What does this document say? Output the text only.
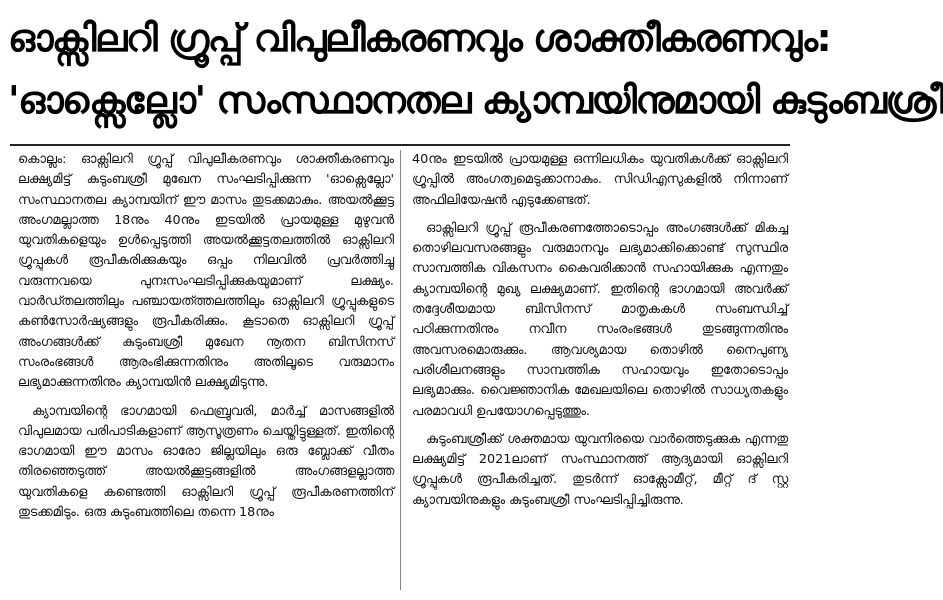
ഓക്സിലറി ഗ്രൂപ്പ് വിപുലീകരണവും ശാക്തീകരണവും:
'ഓക്സെല്ലോ' സംസ്ഥാനതല ക്യാമ്പയിനുമായി കുടുംബശ്രീ

കൊല്ലം: ഓക്സിലറി ഗ്രൂപ്പ് വിപുലീകരണവും ശാക്തീകരണവും ലക്ഷ്യമിട്ട് കുടുംബശ്രീ മുഖേന സംഘടിപ്പിക്കുന്ന 'ഓക്സെല്ലോ' സംസ്ഥാനതല ക്യാമ്പയിന് ഈ മാസം തുടക്കമാകും. അയൽക്കൂട്ട അംഗമല്ലാത്ത 18നും 40നും ഇടയിൽ പ്രായമുള്ള മുഴുവൻ യുവതികളെയും ഉൾപ്പെടുത്തി അയൽക്കൂട്ടതലത്തിൽ ഓക്സിലറി ഗ്രൂപ്പുകൾ രൂപീകരിക്കുകയും ഒപ്പം നിലവിൽ പ്രവർത്തിച്ചു വരുന്നവയെ പുനഃസംഘടിപ്പിക്കുകയുമാണ് ലക്ഷ്യം. വാർഡ്തലത്തിലും പഞ്ചായത്ത്തലത്തിലും ഓക്സിലറി ഗ്രൂപ്പുകളുടെ കൺസോർഷ്യങ്ങളും രൂപീകരിക്കും. കൂടാതെ ഓക്സിലറി ഗ്രൂപ്പ് അംഗങ്ങൾക്ക് കുടുംബശ്രീ മുഖേന നൂതന ബിസിനസ് സംരംഭങ്ങൾ ആരംഭിക്കുന്നതിനും അതിലൂടെ വരുമാനം ലഭ്യമാക്കുന്നതിനും ക്യാമ്പയിൻ ലക്ഷ്യമിടുന്നു.

ക്യാമ്പയിന്റെ ഭാഗമായി ഫെബ്രുവരി, മാർച്ച് മാസങ്ങളിൽ വിപുലമായ പരിപാടികളാണ് ആസൂത്രണം ചെയ്തിട്ടുള്ളത്. ഇതിന്റെ ഭാഗമായി ഈ മാസം ഓരോ ജില്ലയിലും ഒരു ബ്ലോക്ക് വീതം തിരഞ്ഞെടുത്ത് അയൽക്കൂട്ടങ്ങളിൽ അംഗങ്ങളല്ലാത്ത യുവതികളെ കണ്ടെത്തി ഓക്സിലറി ഗ്രൂപ്പ് രൂപീകരണത്തിന് തുടക്കമിടും. ഒരു കുടുംബത്തിലെ തന്നെ 18നും

40നും ഇടയിൽ പ്രായമുള്ള ഒന്നിലധികം യുവതികൾക്ക് ഓക്സിലറി ഗ്രൂപ്പിൽ അംഗത്വമെടുക്കാനാകും. സിഡിഎസുകളിൽ നിന്നാണ് അഫിലിയേഷൻ എടുക്കേണ്ടത്.

ഓക്സിലറി ഗ്രൂപ്പ് രൂപീകരണത്തോടൊപ്പം അംഗങ്ങൾക്ക് മികച്ച തൊഴിലവസരങ്ങളും വരുമാനവും ലഭ്യമാക്കിക്കൊണ്ട് സുസ്ഥിര സാമ്പത്തിക വികസനം കൈവരിക്കാൻ സഹായിക്കുക എന്നതും ക്യാമ്പയിന്റെ മുഖ്യ ലക്ഷ്യമാണ്. ഇതിന്റെ ഭാഗമായി അവർക്ക് തദ്ദേശീയമായ ബിസിനസ് മാതൃകകൾ സംബന്ധിച്ച് പഠിക്കുന്നതിനും നവീന സംരംഭങ്ങൾ തുടങ്ങുന്നതിനും അവസരമൊരുക്കും. ആവശ്യമായ തൊഴിൽ നൈപുണ്യ പരിശീലനങ്ങളും സാമ്പത്തിക സഹായവും ഇതോടൊപ്പം ലഭ്യമാക്കും. വൈജ്ഞാനിക മേഖലയിലെ തൊഴിൽ സാധ്യതകളും പരമാവധി ഉപയോഗപ്പെടുത്തും.

കുടുംബശ്രീക്ക് ശക്തമായ യുവനിരയെ വാർത്തെടുക്കുക എന്നതു ലക്ഷ്യമിട്ട് 2021ലാണ് സംസ്ഥാനത്ത് ആദ്യമായി ഓക്സിലറി ഗ്രൂപ്പുകൾ രൂപീകരിച്ചത്. തുടർന്ന് ഓക്സോമീറ്റ്, മീറ്റ് ദ് സ്റ്റ ക്യാമ്പയിനുകളും കുടുംബശ്രീ സംഘടിപ്പിച്ചിരുന്നു.
